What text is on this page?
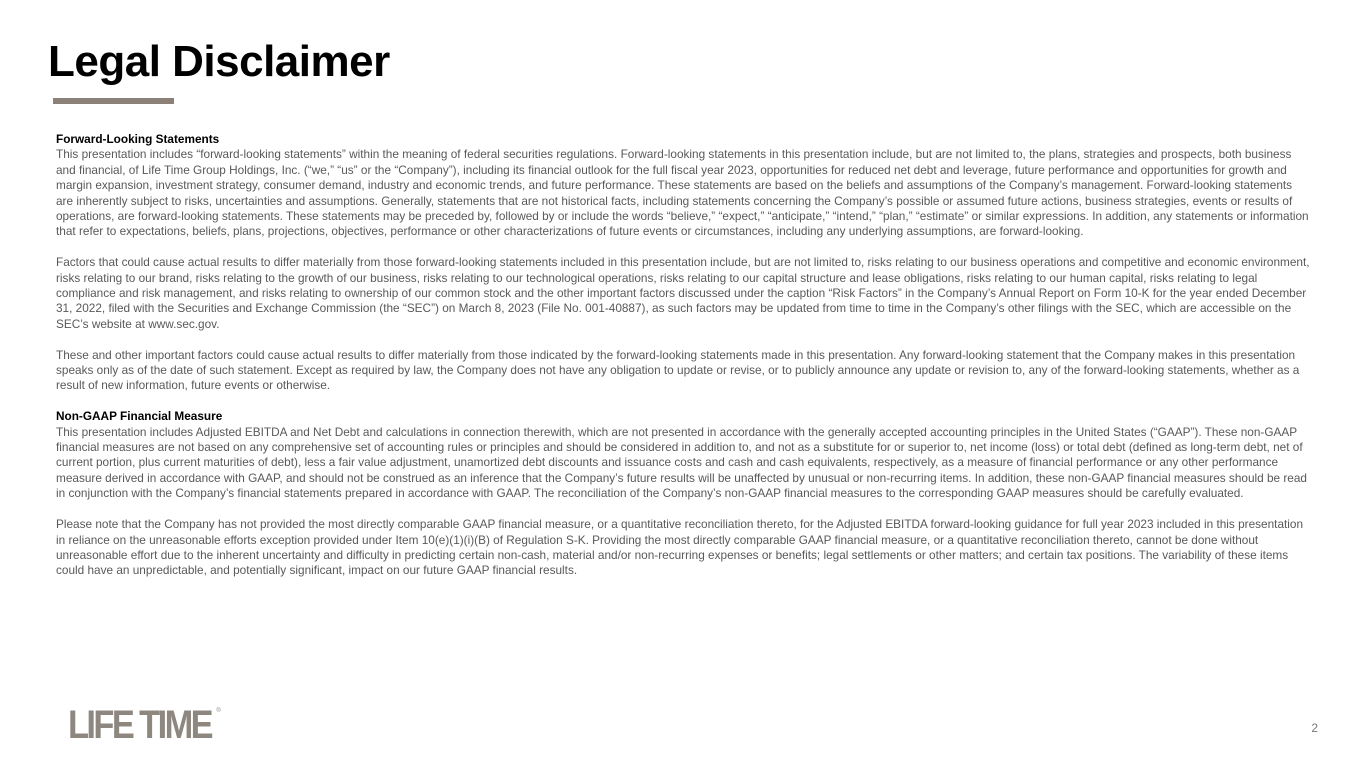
Legal Disclaimer

Forward-Looking Statements

This presentation includes “forward-looking statements” within the meaning of federal securities regulations. Forward-looking statements in this presentation include, but are not limited to, the plans, strategies and prospects, both business and financial, of Life Time Group Holdings, Inc. (“we,” “us” or the “Company”), including its financial outlook for the full fiscal year 2023, opportunities for reduced net debt and leverage, future performance and opportunities for growth and margin expansion, investment strategy, consumer demand, industry and economic trends, and future performance. These statements are based on the beliefs and assumptions of the Company’s management. Forward-looking statements are inherently subject to risks, uncertainties and assumptions. Generally, statements that are not historical facts, including statements concerning the Company’s possible or assumed future actions, business strategies, events or results of operations, are forward-looking statements. These statements may be preceded by, followed by or include the words “believe,” “expect,” “anticipate,” “intend,” “plan,” “estimate” or similar expressions. In addition, any statements or information that refer to expectations, beliefs, plans, projections, objectives, performance or other characterizations of future events or circumstances, including any underlying assumptions, are forward-looking.

Factors that could cause actual results to differ materially from those forward-looking statements included in this presentation include, but are not limited to, risks relating to our business operations and competitive and economic environment, risks relating to our brand, risks relating to the growth of our business, risks relating to our technological operations, risks relating to our capital structure and lease obligations, risks relating to our human capital, risks relating to legal compliance and risk management, and risks relating to ownership of our common stock and the other important factors discussed under the caption “Risk Factors” in the Company’s Annual Report on Form 10-K for the year ended December 31, 2022, filed with the Securities and Exchange Commission (the “SEC”) on March 8, 2023 (File No. 001-40887), as such factors may be updated from time to time in the Company’s other filings with the SEC, which are accessible on the SEC’s website at www.sec.gov.

These and other important factors could cause actual results to differ materially from those indicated by the forward-looking statements made in this presentation. Any forward-looking statement that the Company makes in this presentation speaks only as of the date of such statement. Except as required by law, the Company does not have any obligation to update or revise, or to publicly announce any update or revision to, any of the forward-looking statements, whether as a result of new information, future events or otherwise.

Non-GAAP Financial Measure

This presentation includes Adjusted EBITDA and Net Debt and calculations in connection therewith, which are not presented in accordance with the generally accepted accounting principles in the United States (“GAAP”). These non-GAAP financial measures are not based on any comprehensive set of accounting rules or principles and should be considered in addition to, and not as a substitute for or superior to, net income (loss) or total debt (defined as long-term debt, net of current portion, plus current maturities of debt), less a fair value adjustment, unamortized debt discounts and issuance costs and cash and cash equivalents, respectively, as a measure of financial performance or any other performance measure derived in accordance with GAAP, and should not be construed as an inference that the Company’s future results will be unaffected by unusual or non-recurring items. In addition, these non-GAAP financial measures should be read in conjunction with the Company’s financial statements prepared in accordance with GAAP. The reconciliation of the Company’s non-GAAP financial measures to the corresponding GAAP measures should be carefully evaluated.

Please note that the Company has not provided the most directly comparable GAAP financial measure, or a quantitative reconciliation thereto, for the Adjusted EBITDA forward-looking guidance for full year 2023 included in this presentation in reliance on the unreasonable efforts exception provided under Item 10(e)(1)(i)(B) of Regulation S-K. Providing the most directly comparable GAAP financial measure, or a quantitative reconciliation thereto, cannot be done without unreasonable effort due to the inherent uncertainty and difficulty in predicting certain non-cash, material and/or non-recurring expenses or benefits; legal settlements or other matters; and certain tax positions. The variability of these items could have an unpredictable, and potentially significant, impact on our future GAAP financial results.

LIFE TIME ®
2
